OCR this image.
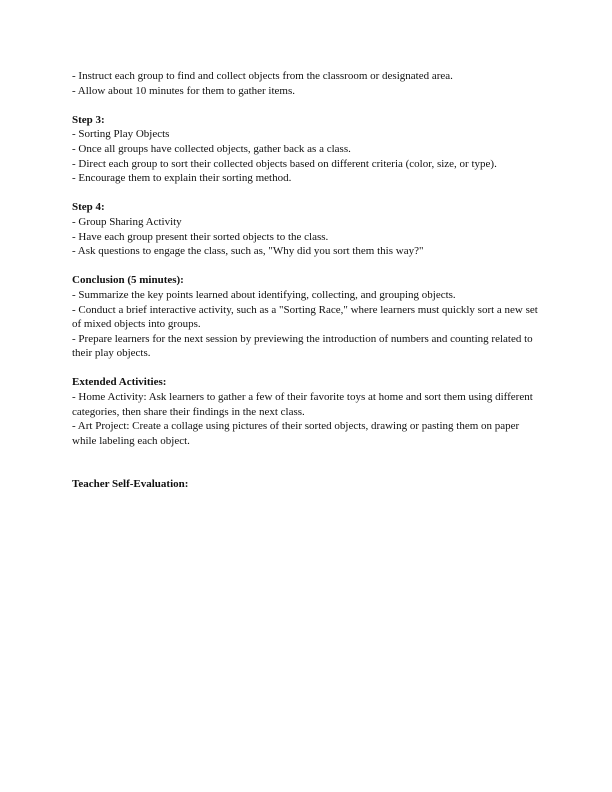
- Instruct each group to find and collect objects from the classroom or designated area.

- Allow about 10 minutes for them to gather items.

Step 3:

- Sorting Play Objects

- Once all groups have collected objects, gather back as a class.

- Direct each group to sort their collected objects based on different criteria (color, size, or type).

- Encourage them to explain their sorting method.

Step 4:

- Group Sharing Activity

- Have each group present their sorted objects to the class.

- Ask questions to engage the class, such as, "Why did you sort them this way?"

Conclusion (5 minutes):

- Summarize the key points learned about identifying, collecting, and grouping objects.

- Conduct a brief interactive activity, such as a "Sorting Race," where learners must quickly sort a new set of mixed objects into groups.

- Prepare learners for the next session by previewing the introduction of numbers and counting related to their play objects.

Extended Activities:

- Home Activity: Ask learners to gather a few of their favorite toys at home and sort them using different categories, then share their findings in the next class.

- Art Project: Create a collage using pictures of their sorted objects, drawing or pasting them on paper while labeling each object.

Teacher Self-Evaluation:
